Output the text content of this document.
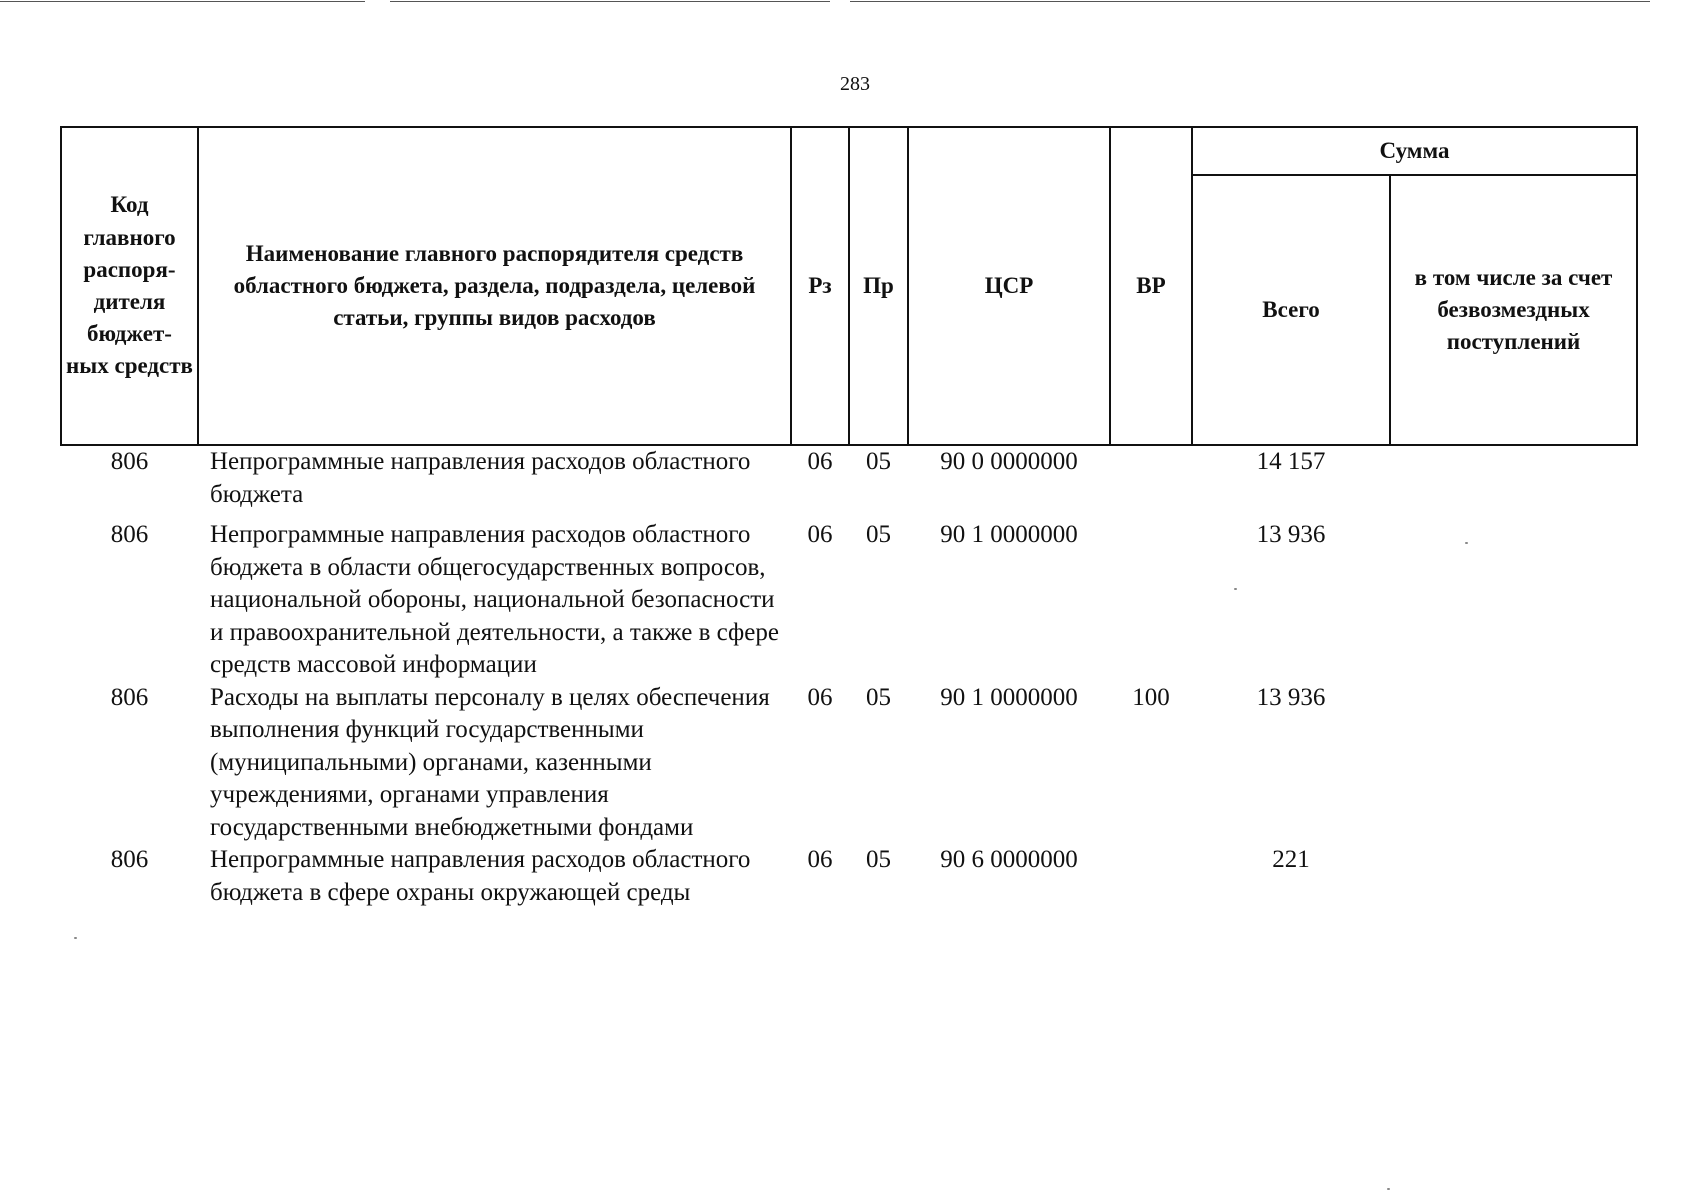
283
Код главного распоря-дителя бюджет-ных средств	Наименование главного распорядителя средств областного бюджета, раздела, подраздела, целевой статьи, группы видов расходов	Рз	Пр	ЦСР	ВР	Сумма	
						Всего	в том числе за счет безвозмездных поступлений
806	Непрограммные направления расходов областного бюджета	06	05	90 0 0000000		14 157	
806	Непрограммные направления расходов областного бюджета в области общегосударственных вопросов, национальной обороны, национальной безопасности и правоохранительной деятельности, а также в сфере средств массовой информации	06	05	90 1 0000000		13 936	
806	Расходы на выплаты персоналу в целях обеспечения выполнения функций государственными (муниципальными) органами, казенными учреждениями, органами управления государственными внебюджетными фондами	06	05	90 1 0000000	100	13 936	
806	Непрограммные направления расходов областного бюджета в сфере охраны окружающей среды	06	05	90 6 0000000		221	
